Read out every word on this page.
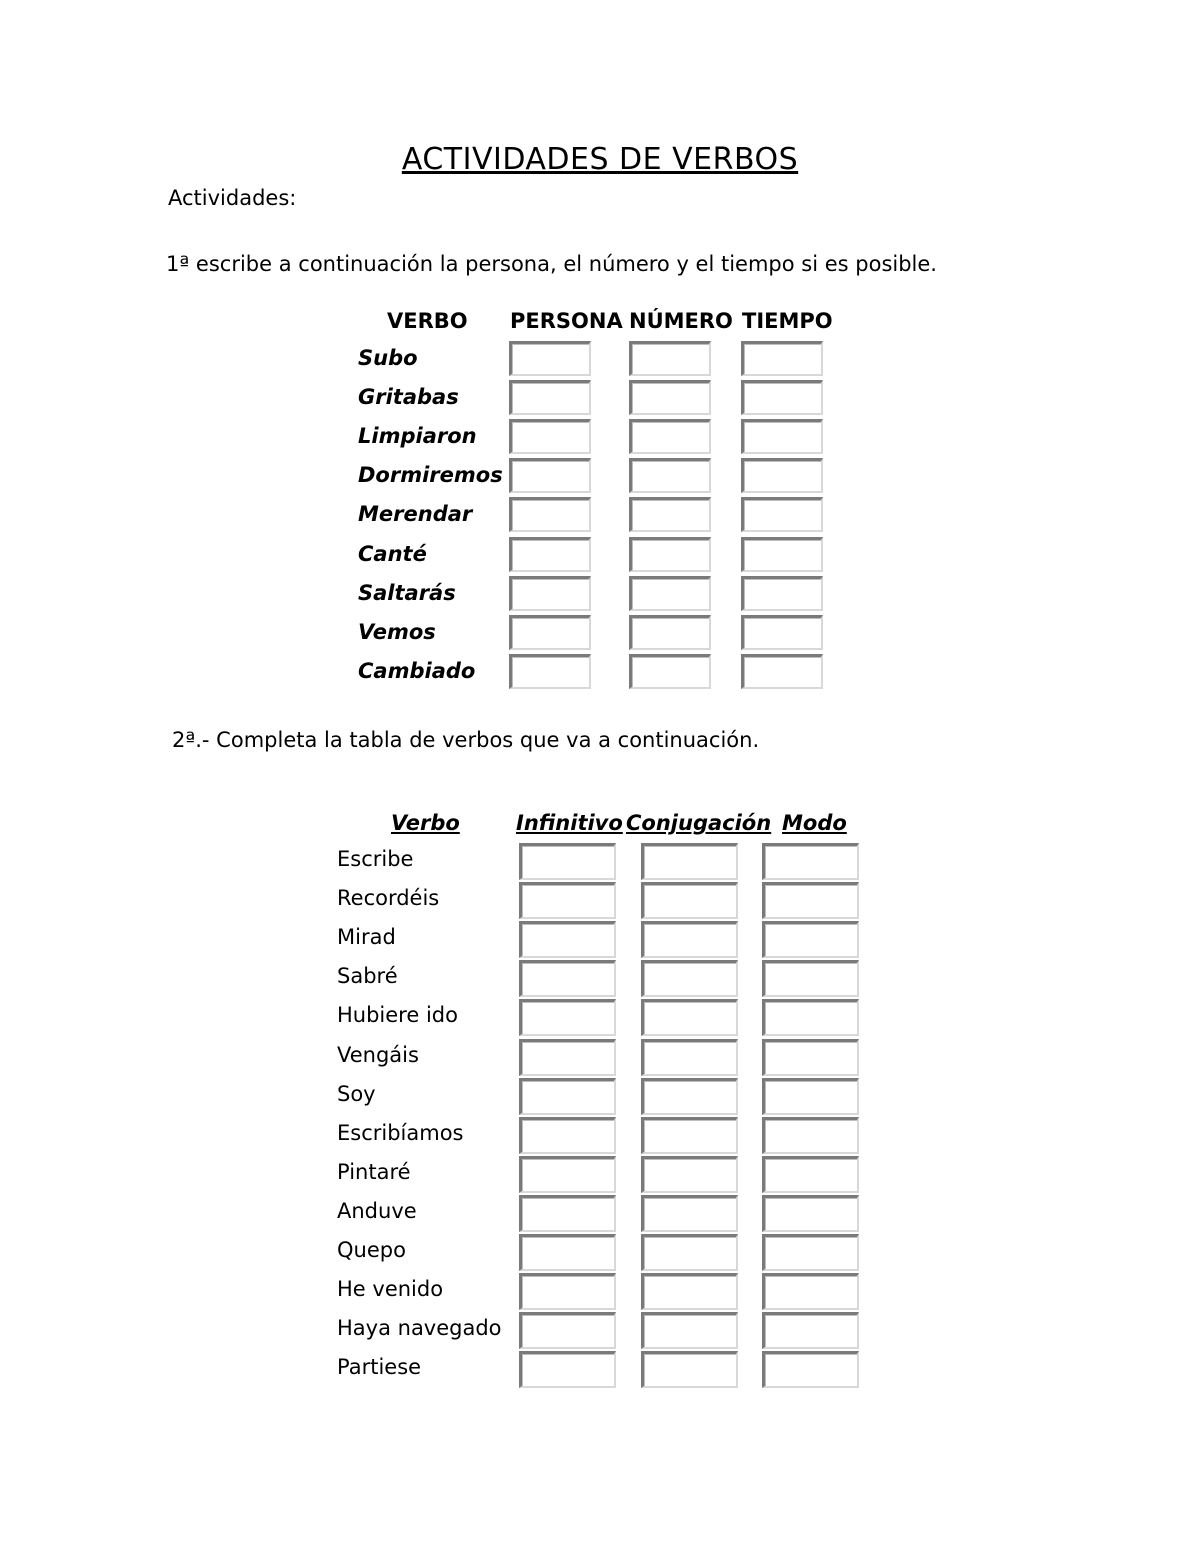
ACTIVIDADES DE VERBOS
Actividades:
1ª escribe a continuación la persona, el número y el tiempo si es posible.
VERBO PERSONA NÚMERO TIEMPO
Subo
Gritabas
Limpiaron
Dormiremos
Merendar
Canté
Saltarás
Vemos
Cambiado
2ª.- Completa la tabla de verbos que va a continuación.
Verbo	Infinitivo Conjugación Modo
Escribe
Recordéis
Mirad
Sabré
Hubiere ido
Vengáis
Soy
Escribíamos
Pintaré
Anduve
Quepo
He venido
Haya navegado
Partiese
